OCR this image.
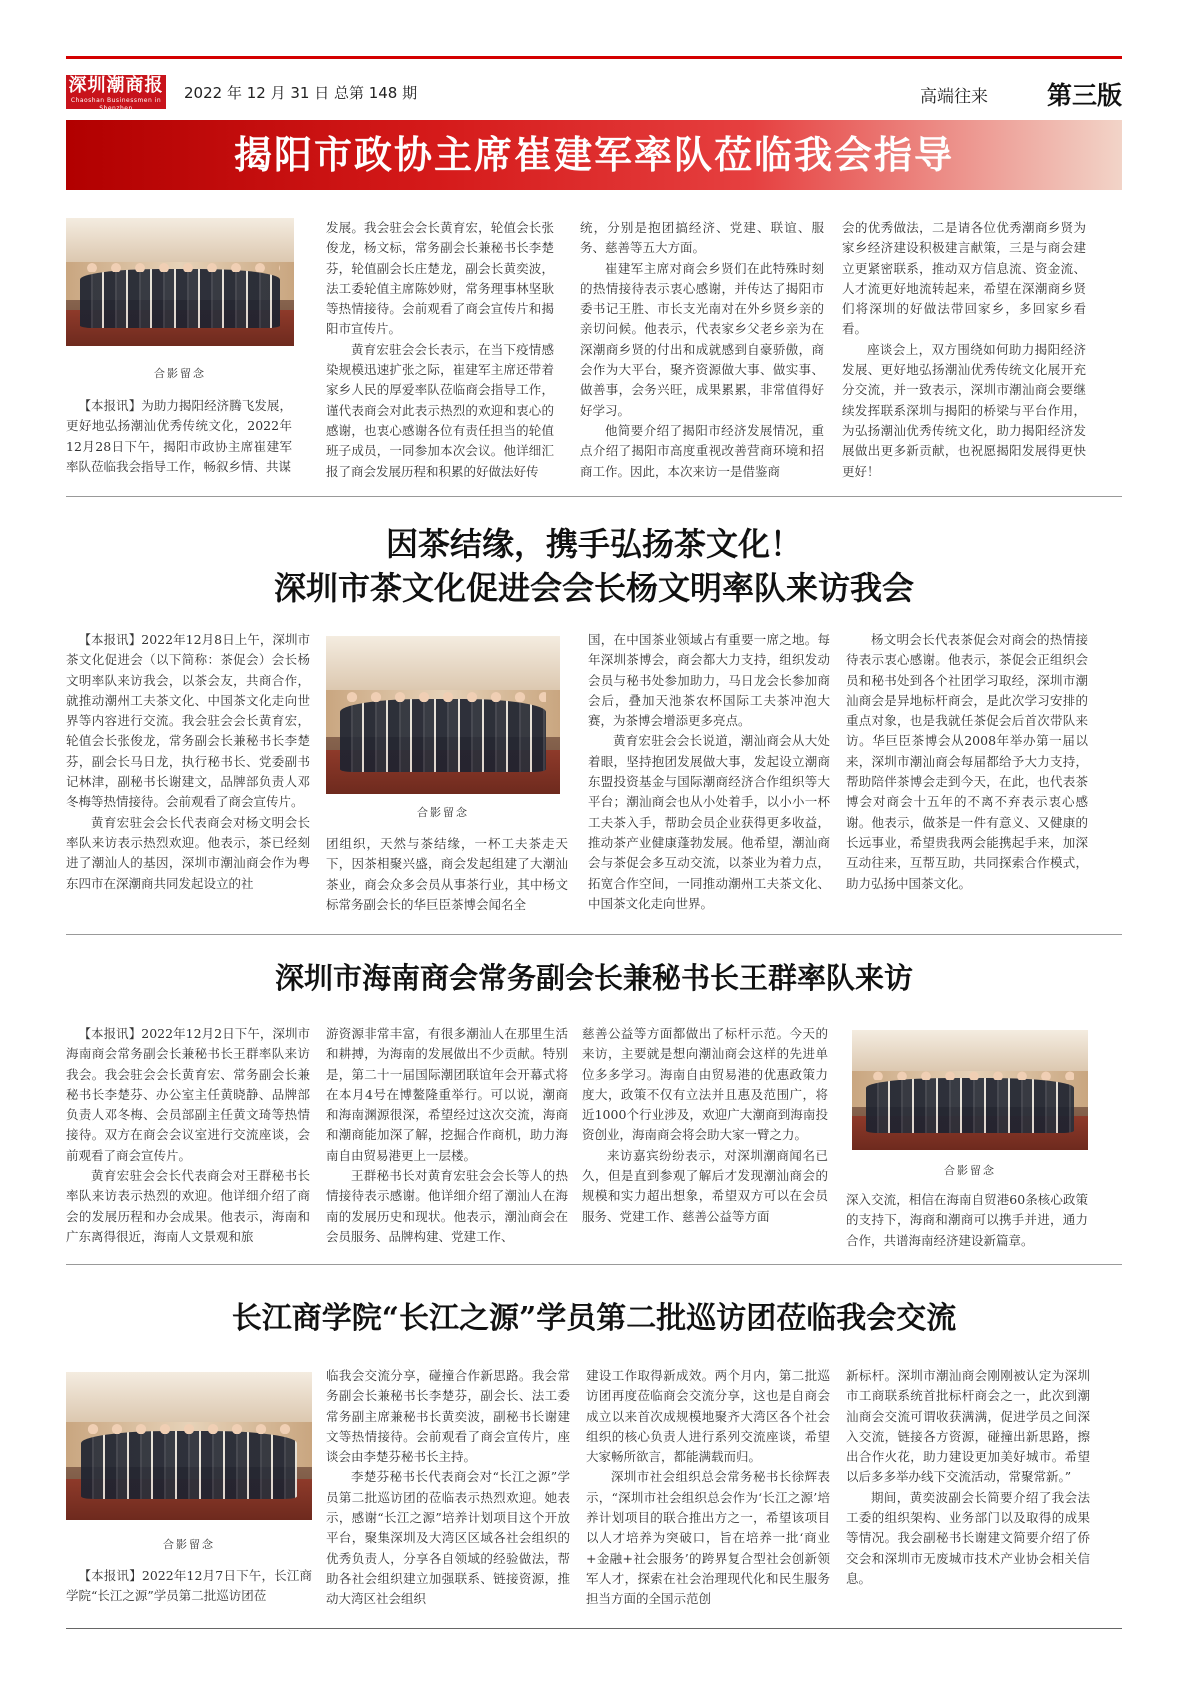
深圳潮商报
Chaoshan Businessmen in Shenzhen
2022 年 12 月 31 日 总第 148 期	高端往来 第三版
揭阳市政协主席崔建军率队莅临我会指导
合影留念

【本报讯】为助力揭阳经济腾飞发展，更好地弘扬潮汕优秀传统文化，2022年12月28日下午，揭阳市政协主席崔建军率队莅临我会指导工作，畅叙乡情、共谋

发展。我会驻会会长黄育宏，轮值会长张俊龙，杨文标，常务副会长兼秘书长李楚芬，轮值副会长庄楚龙，副会长黄奕波，法工委轮值主席陈妙财，常务理事林坚耿等热情接待。会前观看了商会宣传片和揭阳市宣传片。

黄育宏驻会会长表示，在当下疫情感染规模迅速扩张之际，崔建军主席还带着家乡人民的厚爱率队莅临商会指导工作，谨代表商会对此表示热烈的欢迎和衷心的感谢，也衷心感谢各位有责任担当的轮值班子成员，一同参加本次会议。他详细汇报了商会发展历程和积累的好做法好传

统，分别是抱团搞经济、党建、联谊、服务、慈善等五大方面。

崔建军主席对商会乡贤们在此特殊时刻的热情接待表示衷心感谢，并传达了揭阳市委书记王胜、市长支光南对在外乡贤乡亲的亲切问候。他表示，代表家乡父老乡亲为在深潮商乡贤的付出和成就感到自豪骄傲，商会作为大平台，聚齐资源做大事、做实事、做善事，会务兴旺，成果累累，非常值得好好学习。

他简要介绍了揭阳市经济发展情况，重点介绍了揭阳市高度重视改善营商环境和招商工作。因此，本次来访一是借鉴商

会的优秀做法，二是请各位优秀潮商乡贤为家乡经济建设积极建言献策，三是与商会建立更紧密联系，推动双方信息流、资金流、人才流更好地流转起来，希望在深潮商乡贤们将深圳的好做法带回家乡，多回家乡看看。

座谈会上，双方围绕如何助力揭阳经济发展、更好地弘扬潮汕优秀传统文化展开充分交流，并一致表示，深圳市潮汕商会要继续发挥联系深圳与揭阳的桥梁与平台作用，为弘扬潮汕优秀传统文化，助力揭阳经济发展做出更多新贡献，也祝愿揭阳发展得更快更好！

因茶结缘，携手弘扬茶文化！
深圳市茶文化促进会会长杨文明率队来访我会

【本报讯】2022年12月8日上午，深圳市茶文化促进会（以下简称：茶促会）会长杨文明率队来访我会，以茶会友，共商合作，就推动潮州工夫茶文化、中国茶文化走向世界等内容进行交流。我会驻会会长黄育宏，轮值会长张俊龙，常务副会长兼秘书长李楚芬，副会长马日龙，执行秘书长、党委副书记林津，副秘书长谢建文，品牌部负责人邓冬梅等热情接待。会前观看了商会宣传片。

黄育宏驻会会长代表商会对杨文明会长率队来访表示热烈欢迎。他表示，茶已经刻进了潮汕人的基因，深圳市潮汕商会作为粤东四市在深潮商共同发起设立的社

合影留念

团组织，天然与茶结缘，一杯工夫茶走天下，因茶相聚兴盛，商会发起组建了大潮汕茶业，商会众多会员从事茶行业，其中杨文标常务副会长的华巨臣茶博会闻名全

国，在中国茶业领域占有重要一席之地。每年深圳茶博会，商会都大力支持，组织发动会员与秘书处参加助力，马日龙会长参加商会后，叠加天池茶农杯国际工夫茶冲泡大赛，为茶博会增添更多亮点。

黄育宏驻会会长说道，潮汕商会从大处着眼，坚持抱团发展做大事，发起设立潮商东盟投资基金与国际潮商经济合作组织等大平台；潮汕商会也从小处着手，以小小一杯工夫茶入手，帮助会员企业获得更多收益，推动茶产业健康蓬勃发展。他希望，潮汕商会与茶促会多互动交流，以茶业为着力点，拓宽合作空间，一同推动潮州工夫茶文化、中国茶文化走向世界。

杨文明会长代表茶促会对商会的热情接待表示衷心感谢。他表示，茶促会正组织会员和秘书处到各个社团学习取经，深圳市潮汕商会是异地标杆商会，是此次学习安排的重点对象，也是我就任茶促会后首次带队来访。华巨臣茶博会从2008年举办第一届以来，深圳市潮汕商会每届都给予大力支持，帮助陪伴茶博会走到今天，在此，也代表茶博会对商会十五年的不离不弃表示衷心感谢。他表示，做茶是一件有意义、又健康的长远事业，希望贵我两会能携起手来，加深互动往来，互帮互助，共同探索合作模式，助力弘扬中国茶文化。

深圳市海南商会常务副会长兼秘书长王群率队来访

【本报讯】2022年12月2日下午，深圳市海南商会常务副会长兼秘书长王群率队来访我会。我会驻会会长黄育宏、常务副会长兼秘书长李楚芬、办公室主任黄晓静、品牌部负责人邓冬梅、会员部副主任黄文琦等热情接待。双方在商会会议室进行交流座谈，会前观看了商会宣传片。

黄育宏驻会会长代表商会对王群秘书长率队来访表示热烈的欢迎。他详细介绍了商会的发展历程和办会成果。他表示，海南和广东离得很近，海南人文景观和旅

游资源非常丰富，有很多潮汕人在那里生活和耕搏，为海南的发展做出不少贡献。特别是，第二十一届国际潮团联谊年会开幕式将在本月4号在博鳌隆重举行。可以说，潮商和海南渊源很深，希望经过这次交流，海商和潮商能加深了解，挖掘合作商机，助力海南自由贸易港更上一层楼。

王群秘书长对黄育宏驻会会长等人的热情接待表示感谢。他详细介绍了潮汕人在海南的发展历史和现状。他表示，潮汕商会在会员服务、品牌构建、党建工作、

慈善公益等方面都做出了标杆示范。今天的来访，主要就是想向潮汕商会这样的先进单位多多学习。海南自由贸易港的优惠政策力度大，政策不仅有立法并且惠及范围广，将近1000个行业涉及，欢迎广大潮商到海南投资创业，海南商会将会助大家一臂之力。

来访嘉宾纷纷表示，对深圳潮商闻名已久，但是直到参观了解后才发现潮汕商会的规模和实力超出想象，希望双方可以在会员服务、党建工作、慈善公益等方面

合影留念

深入交流，相信在海南自贸港60条核心政策的支持下，海商和潮商可以携手并进，通力合作，共谱海南经济建设新篇章。

长江商学院“长江之源”学员第二批巡访团莅临我会交流
合影留念

【本报讯】2022年12月7日下午，长江商学院“长江之源”学员第二批巡访团莅

临我会交流分享，碰撞合作新思路。我会常务副会长兼秘书长李楚芬，副会长、法工委常务副主席兼秘书长黄奕波，副秘书长谢建文等热情接待。会前观看了商会宣传片，座谈会由李楚芬秘书长主持。

李楚芬秘书长代表商会对“长江之源”学员第二批巡访团的莅临表示热烈欢迎。她表示，感谢“长江之源”培养计划项目这个开放平台，聚集深圳及大湾区区域各社会组织的优秀负责人，分享各自领域的经验做法，帮助各社会组织建立加强联系、链接资源，推动大湾区社会组织

建设工作取得新成效。两个月内，第二批巡访团再度莅临商会交流分享，这也是自商会成立以来首次成规模地聚齐大湾区各个社会组织的核心负责人进行系列交流座谈，希望大家畅所欲言，都能满载而归。

深圳市社会组织总会常务秘书长徐辉表示，“深圳市社会组织总会作为‘长江之源’培养计划项目的联合推出方之一，希望该项目以人才培养为突破口，旨在培养一批‘商业+金融+社会服务’的跨界复合型社会创新领军人才，探索在社会治理现代化和民生服务担当方面的全国示范创

新标杆。深圳市潮汕商会刚刚被认定为深圳市工商联系统首批标杆商会之一，此次到潮汕商会交流可谓收获满满，促进学员之间深入交流，链接各方资源，碰撞出新思路，擦出合作火花，助力建设更加美好城市。希望以后多多举办线下交流活动，常聚常新。”

期间，黄奕波副会长简要介绍了我会法工委的组织架构、业务部门以及取得的成果等情况。我会副秘书长谢建文简要介绍了侨交会和深圳市无废城市技术产业协会相关信息。
